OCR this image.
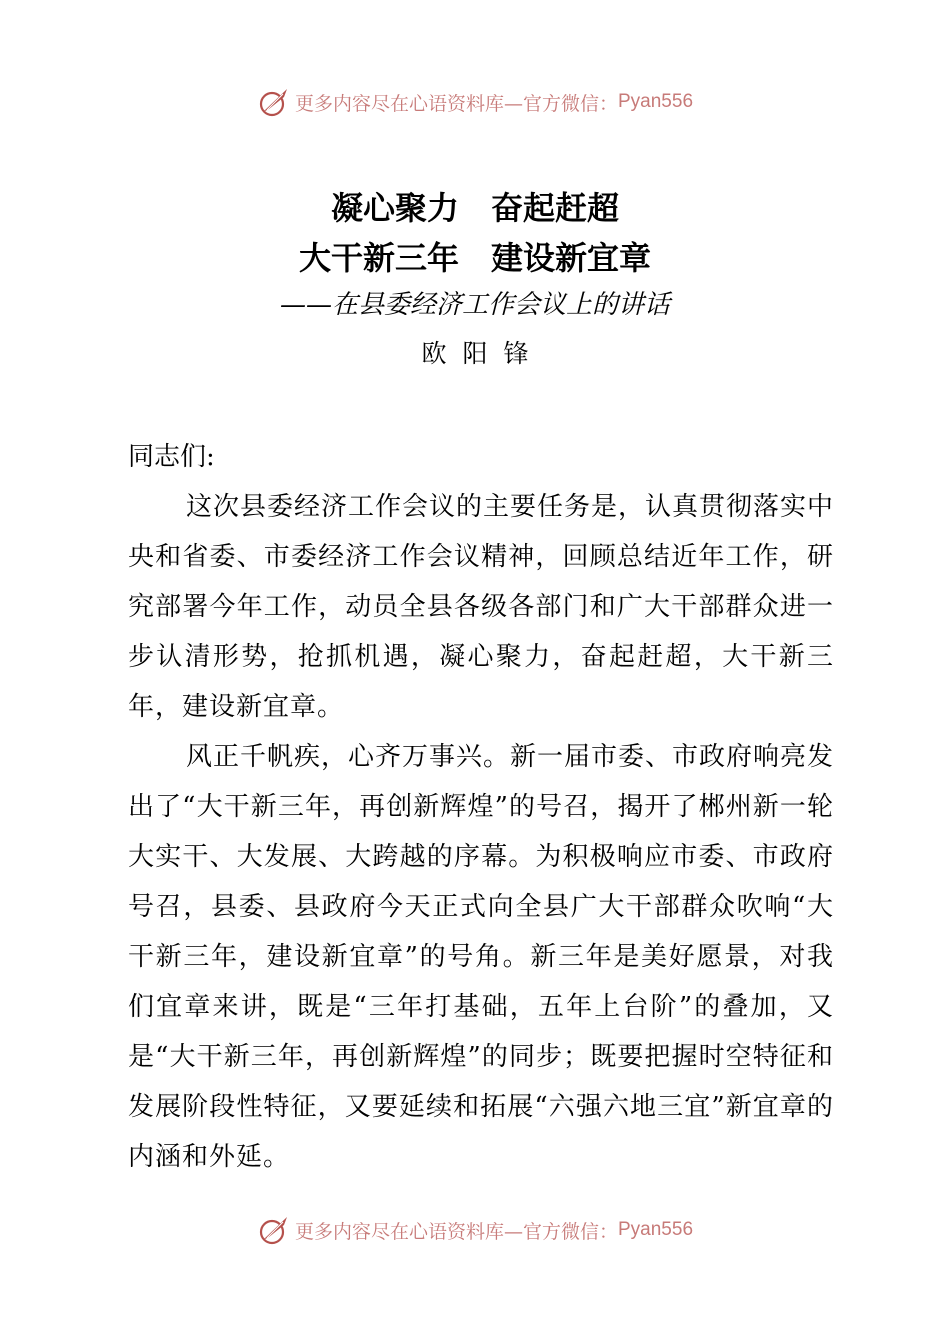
更多内容尽在心语资料库—官方微信： Pyan556
凝心聚力　奋起赶超
大干新三年　建设新宜章
——在县委经济工作会议上的讲话
欧阳锋

同志们:

这次县委经济工作会议的主要任务是，认真贯彻落实中央和省委、市委经济工作会议精神，回顾总结近年工作，研究部署今年工作，动员全县各级各部门和广大干部群众进一步认清形势，抢抓机遇，凝心聚力，奋起赶超，大干新三年，建设新宜章。

风正千帆疾，心齐万事兴。新一届市委、市政府响亮发出了“大干新三年，再创新辉煌”的号召，揭开了郴州新一轮大实干、大发展、大跨越的序幕。为积极响应市委、市政府号召，县委、县政府今天正式向全县广大干部群众吹响“大干新三年，建设新宜章”的号角。新三年是美好愿景，对我们宜章来讲，既是“三年打基础，五年上台阶”的叠加，又是“大干新三年，再创新辉煌”的同步；既要把握时空特征和发展阶段性特征，又要延续和拓展“六强六地三宜”新宜章的内涵和外延。

更多内容尽在心语资料库—官方微信： Pyan556
